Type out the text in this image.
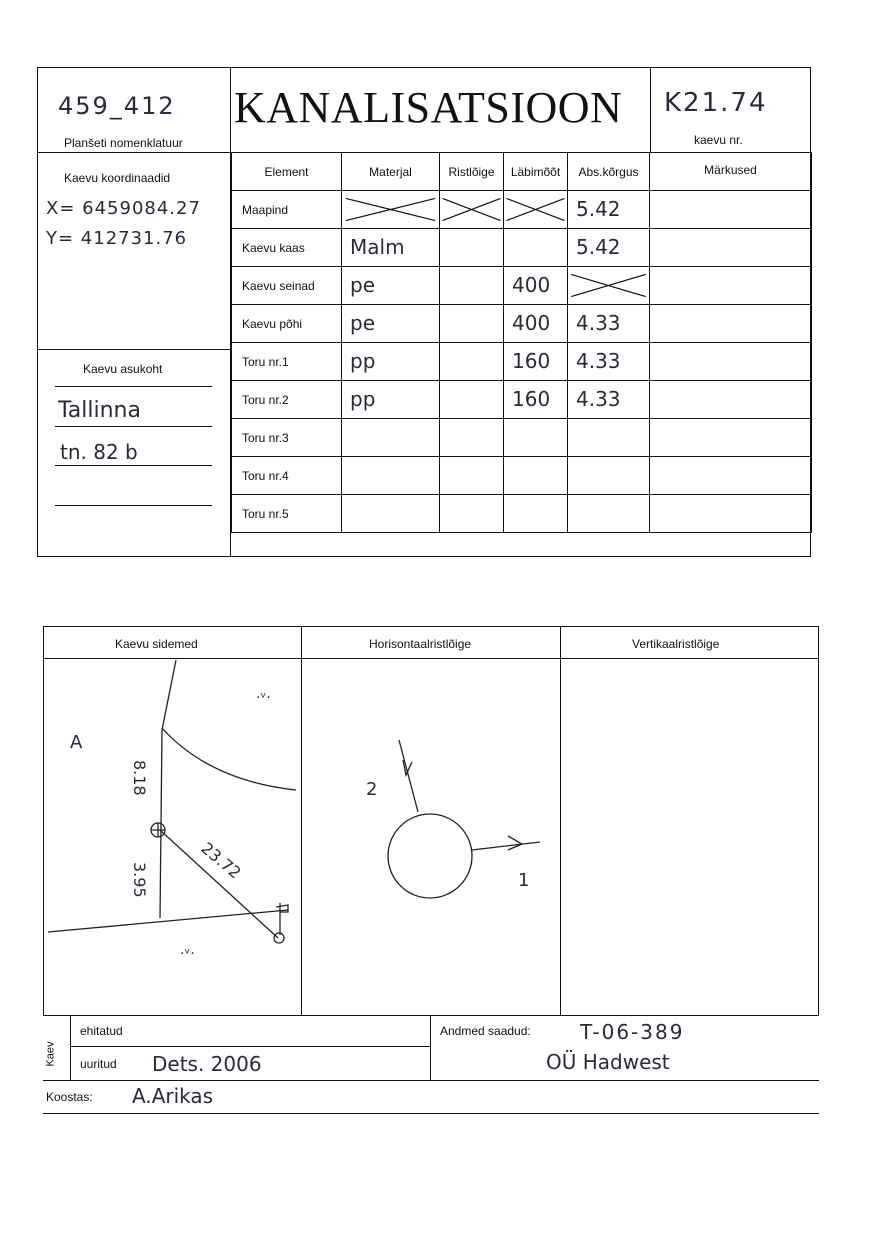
459_412
Planšeti nomenklatuur
KANALISATSIOON K21.74
kaevu nr.
Kaevu koordinaadid
X= 6459084.27
Y= 412731.76
Kaevu asukoht
Tallinna
tn. 82 b
Element	Materjal	Ristlõige	Läbimõõt	Abs.kõrgus	Märkused
Maapind				5.42	

Kaevu kaas	Malm			5.42	

Kaevu seinad	pe		400

Kaevu põhi	pe		400	4.33	

Toru nr.1	pp		160	4.33	

Toru nr.2	pp		160	4.33	

Toru nr.3	

Toru nr.4	

Toru nr.5	

Kaevu sidemed	Horisontaalristlõige	Vertikaalristlõige
A
8.18
23.72
3.95
2
1
·ᵛ·
·ᵛ·
Kaev
ehitatud
uuritud Dets. 2006
Andmed saadud: T-06-389
OÜ Hadwest
Koostas: A.Arikas
